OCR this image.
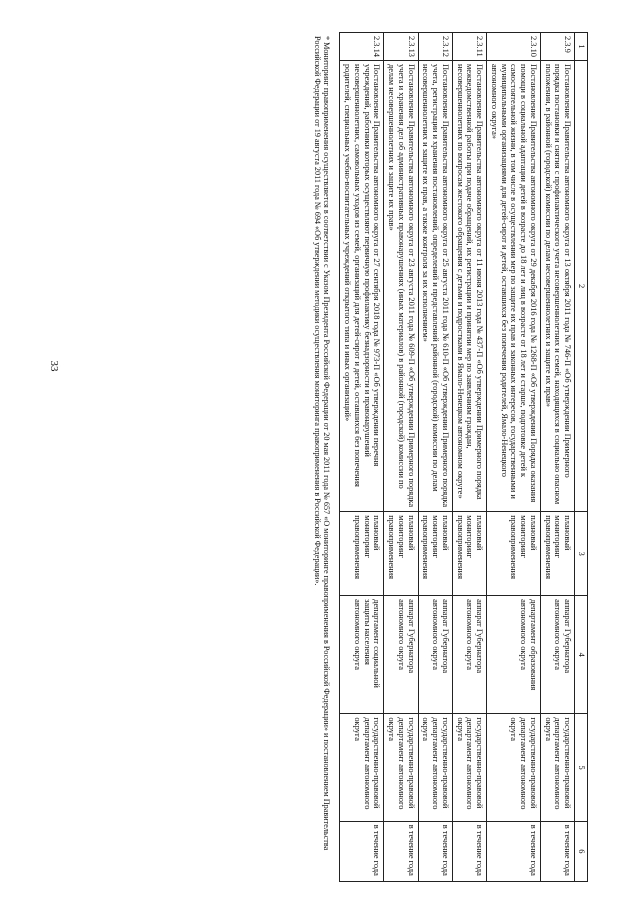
33
1	2	3	4	5	6
2.3.9	Постановление Правительства автономного округа от 13 октября 2011 года № 746-П «Об утверждении Примерного порядка постановки и снятия с профилактического учета несовершеннолетних и семей, находящихся в социально опасном положении, в районной (городской) комиссии по делам несовершеннолетних и защите их прав»	плановый мониторинг правоприменения	аппарат Губернатора автономного округа	государственно-правовой департамент автономного округа	в течение года
2.3.10	Постановление Правительства автономного округа от 29 декабря 2016 года № 1268-П «Об утверждении Порядка оказания помощи в социальной адаптации детей в возрасте до 18 лет и лиц в возрасте от 18 лет и старше, подготовке детей к самостоятельной жизни, в том числе в осуществлении мер по защите их прав и законных интересов, государственными и муниципальными организациями для детей-сирот и детей, оставшихся без попечения родителей, Ямало-Ненецкого автономного округа»	плановый мониторинг правоприменения	департамент образования автономного округа	государственно-правовой департамент автономного округа	в течение года
2.3.11	Постановление Правительства автономного округа от 11 июня 2013 года № 437-П «Об утверждении Примерного порядка межведомственной работы при подаче обращений, их регистрации и принятии мер по заявлениям граждан, несовершеннолетних по вопросам жестокого обращения с детьми и подростками в Ямало-Ненецком автономном округе»	плановый мониторинг правоприменения	аппарат Губернатора автономного округа	государственно-правовой департамент автономного округа	в течение года
2.3.12	Постановление Правительства автономного округа от 25 августа 2011 года № 610-П «Об утверждении Примерного порядка учета, регистрации и хранения постановлений, определений и представлений районной (городской) комиссии по делам несовершеннолетних и защите их прав, а также контроля за их исполнением»	плановый мониторинг правоприменения	аппарат Губернатора автономного округа	государственно-правовой департамент автономного округа	в течение года
2.3.13	Постановление Правительства автономного округа от 23 августа 2011 года № 609-П «Об утверждении Примерного порядка учета и хранения дел об административных правонарушениях (иных материалов) в районной (городской) комиссии по делам несовершеннолетних и защите их прав»	плановый мониторинг правоприменения	аппарат Губернатора автономного округа	государственно-правовой департамент автономного округа	в течение года
2.3.14	Постановление Правительства автономного округа от 27 сентября 2018 года № 973-П «Об утверждении перечня учреждений, работники которых осуществляют первичную профилактику безнадзорности и правонарушений несовершеннолетних, самовольных уходов из семей, организаций для детей-сирот и детей, оставшихся без попечения родителей, специальных учебно-воспитательных учреждений открытого типа и иных организаций»	плановый мониторинг правоприменения	департамент социальной защиты населения автономного округа	государственно-правовой департамент автономного округа	в течение года
* Мониторинг правоприменения осуществляется в соответствии с Указом Президента Российской Федерации от 20 мая 2011 года № 657 «О мониторинге правоприменения в Российской Федерации» и постановлением Правительства Российской Федерации от 19 августа 2011 года № 694 «Об утверждении методики осуществления мониторинга правоприменения в Российской Федерации».
